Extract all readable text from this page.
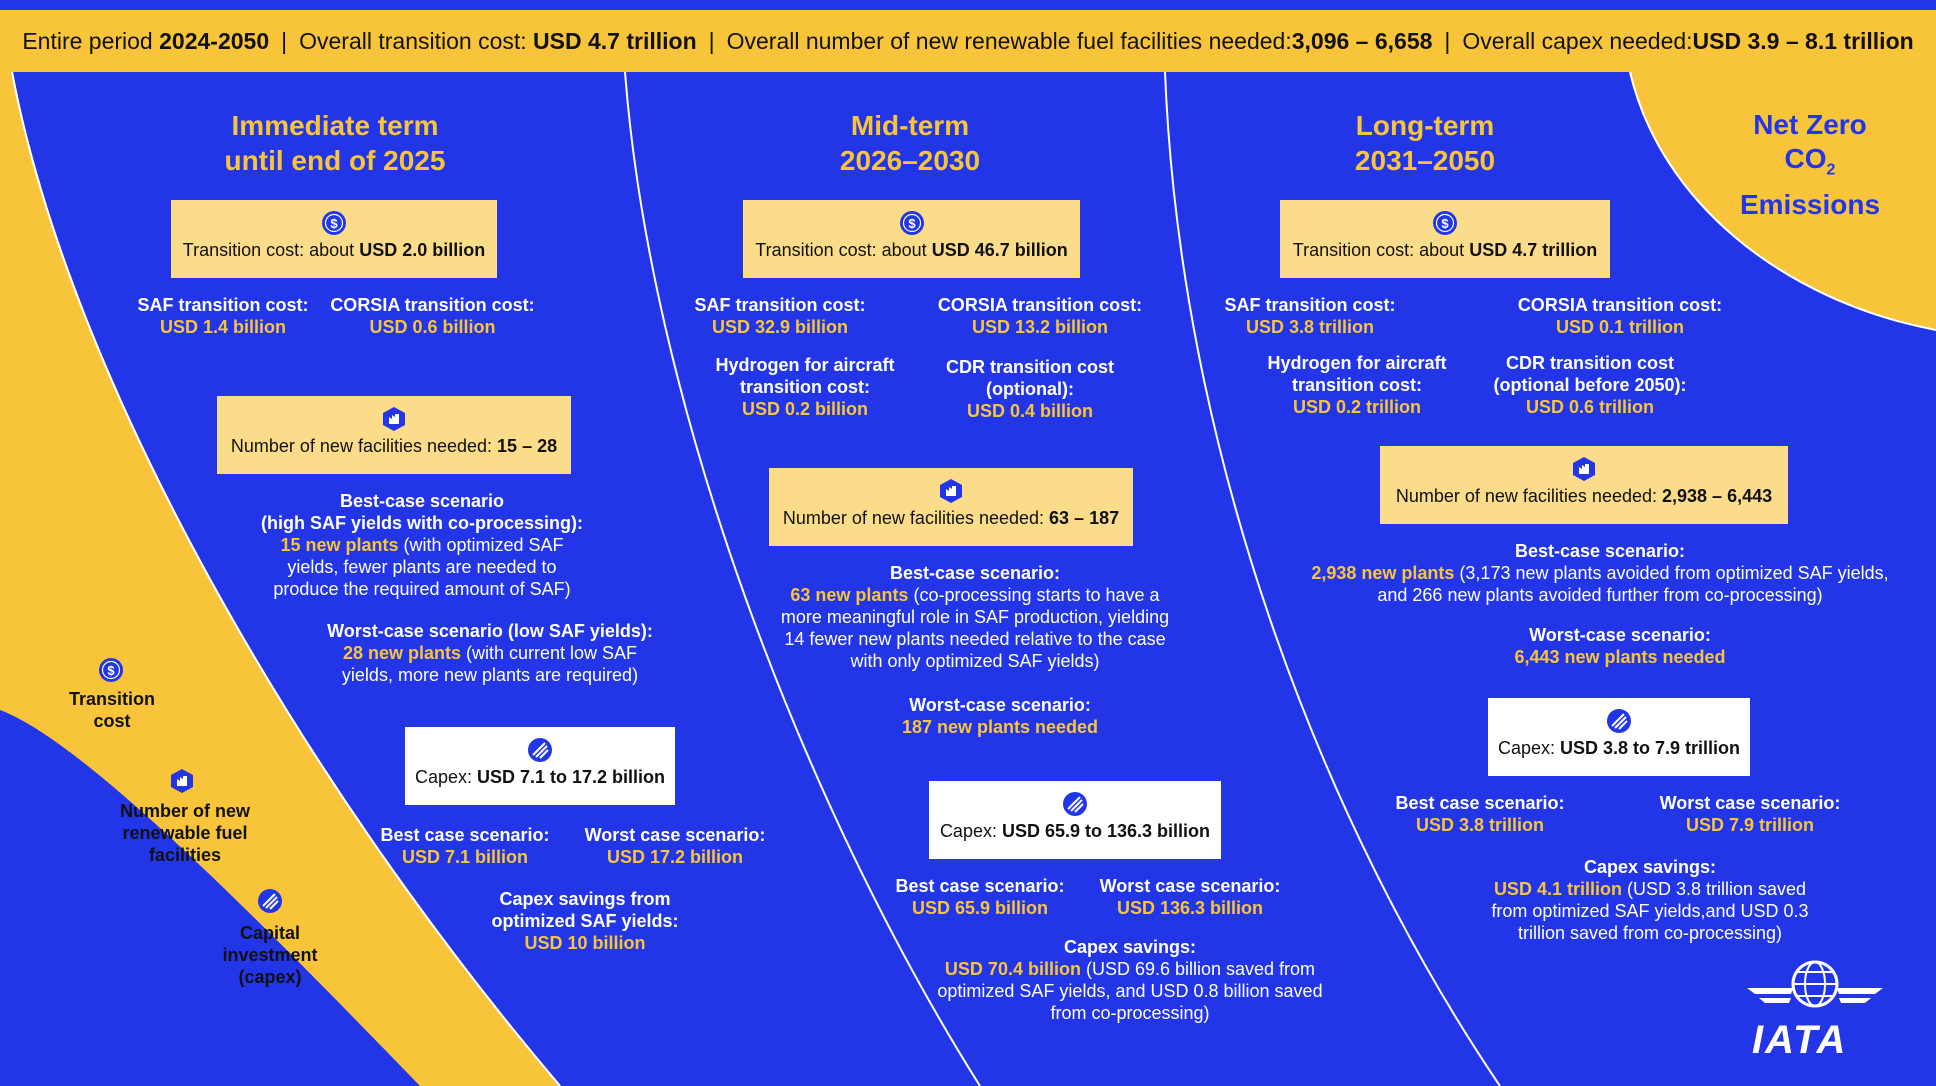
Entire period
2024-2050 | Overall transition cost:
USD 4.7 trillion | Overall number of new renewable fuel facilities needed: 3,096 – 6,658 | Overall capex needed: USD 3.9 – 8.1 trillion
Immediate term
until end of 2025
$
Transition cost: about USD 2.0 billion
SAF transition cost:
USD 1.4 billion
CORSIA transition cost:
USD 0.6 billion
Number of new facilities needed: 15 – 28
Best-case scenario
(high SAF yields with co-processing):
15 new plants (with optimized SAF yields, fewer plants are needed to produce the required amount of SAF)
Worst-case scenario (low SAF yields):
28 new plants (with current low SAF yields, more new plants are required)
Capex: USD 7.1 to 17.2 billion
Best case scenario:
USD 7.1 billion
Worst case scenario:
USD 17.2 billion
Capex savings from optimized SAF yields:
USD 10 billion
Mid-term
2026–2030
$
Transition cost: about USD 46.7 billion
SAF transition cost:
USD 32.9 billion
CORSIA transition cost:
USD 13.2 billion
Hydrogen for aircraft transition cost:
USD 0.2 billion
CDR transition cost (optional):
USD 0.4 billion
Number of new facilities needed: 63 – 187
Best-case scenario:
63 new plants (co-processing starts to have a more meaningful role in SAF production, yielding 14 fewer new plants needed relative to the case with only optimized SAF yields)
Worst-case scenario:
187 new plants needed
Capex: USD 65.9 to 136.3 billion
Best case scenario:
USD 65.9 billion
Worst case scenario:
USD 136.3 billion
Capex savings:
USD 70.4 billion (USD 69.6 billion saved from optimized SAF yields, and USD 0.8 billion saved from co-processing)
Long-term
2031–2050
$
Transition cost: about USD 4.7 trillion
SAF transition cost:
USD 3.8 trillion
CORSIA transition cost:
USD 0.1 trillion
Hydrogen for aircraft transition cost:
USD 0.2 trillion
CDR transition cost (optional before 2050):
USD 0.6 trillion
Number of new facilities needed: 2,938 – 6,443
Best-case scenario:
2,938 new plants (3,173 new plants avoided from optimized SAF yields, and 266 new plants avoided further from co-processing)
Worst-case scenario:
6,443 new plants needed
Capex: USD 3.8 to 7.9 trillion
Best case scenario:
USD 3.8 trillion
Worst case scenario:
USD 7.9 trillion
Capex savings:
USD 4.1 trillion (USD 3.8 trillion saved from optimized SAF yields,and USD 0.3 trillion saved from co-processing)
Net Zero
$CO_2$
Emissions
$
Transition cost
Number of new renewable fuel facilities
Capital investment (capex)
IATA
